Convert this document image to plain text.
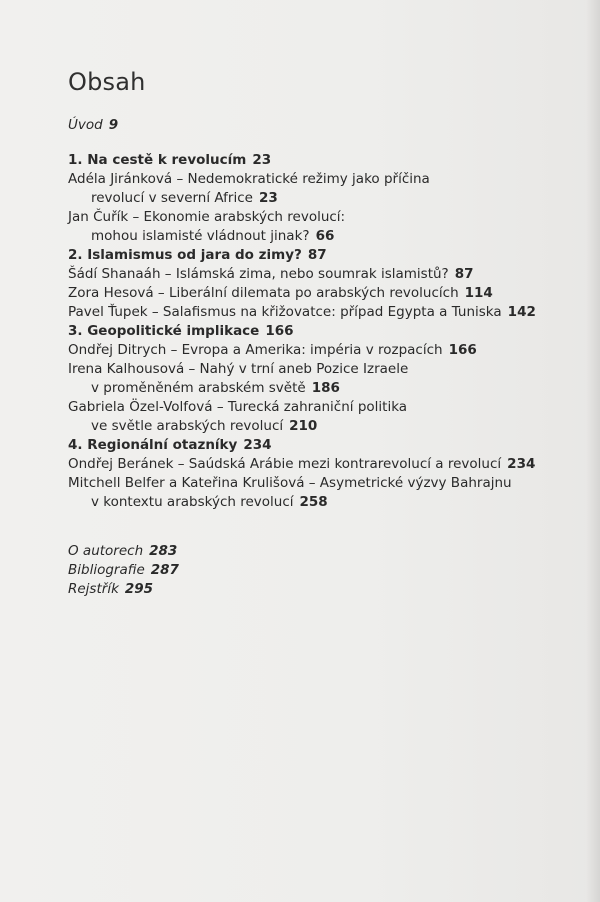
Obsah
Úvod 9
1. Na cestě k revolucím 23
Adéla Jiránková – Nedemokratické režimy jako příčina
revolucí v severní Africe 23
Jan Čuřík – Ekonomie arabských revolucí:
mohou islamisté vládnout jinak? 66
2. Islamismus od jara do zimy? 87
Šádí Shanaáh – Islámská zima, nebo soumrak islamistů? 87
Zora Hesová – Liberální dilemata po arabských revolucích 114
Pavel Ťupek – Salafismus na křižovatce: případ Egypta a Tuniska 142
3. Geopolitické implikace 166
Ondřej Ditrych – Evropa a Amerika: impéria v rozpacích 166
Irena Kalhousová – Nahý v trní aneb Pozice Izraele
v proměněném arabském světě 186
Gabriela Özel-Volfová – Turecká zahraniční politika
ve světle arabských revolucí 210
4. Regionální otazníky 234
Ondřej Beránek – Saúdská Arábie mezi kontrarevolucí a revolucí 234
Mitchell Belfer a Kateřina Krulišová – Asymetrické výzvy Bahrajnu
v kontextu arabských revolucí 258
O autorech 283
Bibliografie 287
Rejstřík 295
